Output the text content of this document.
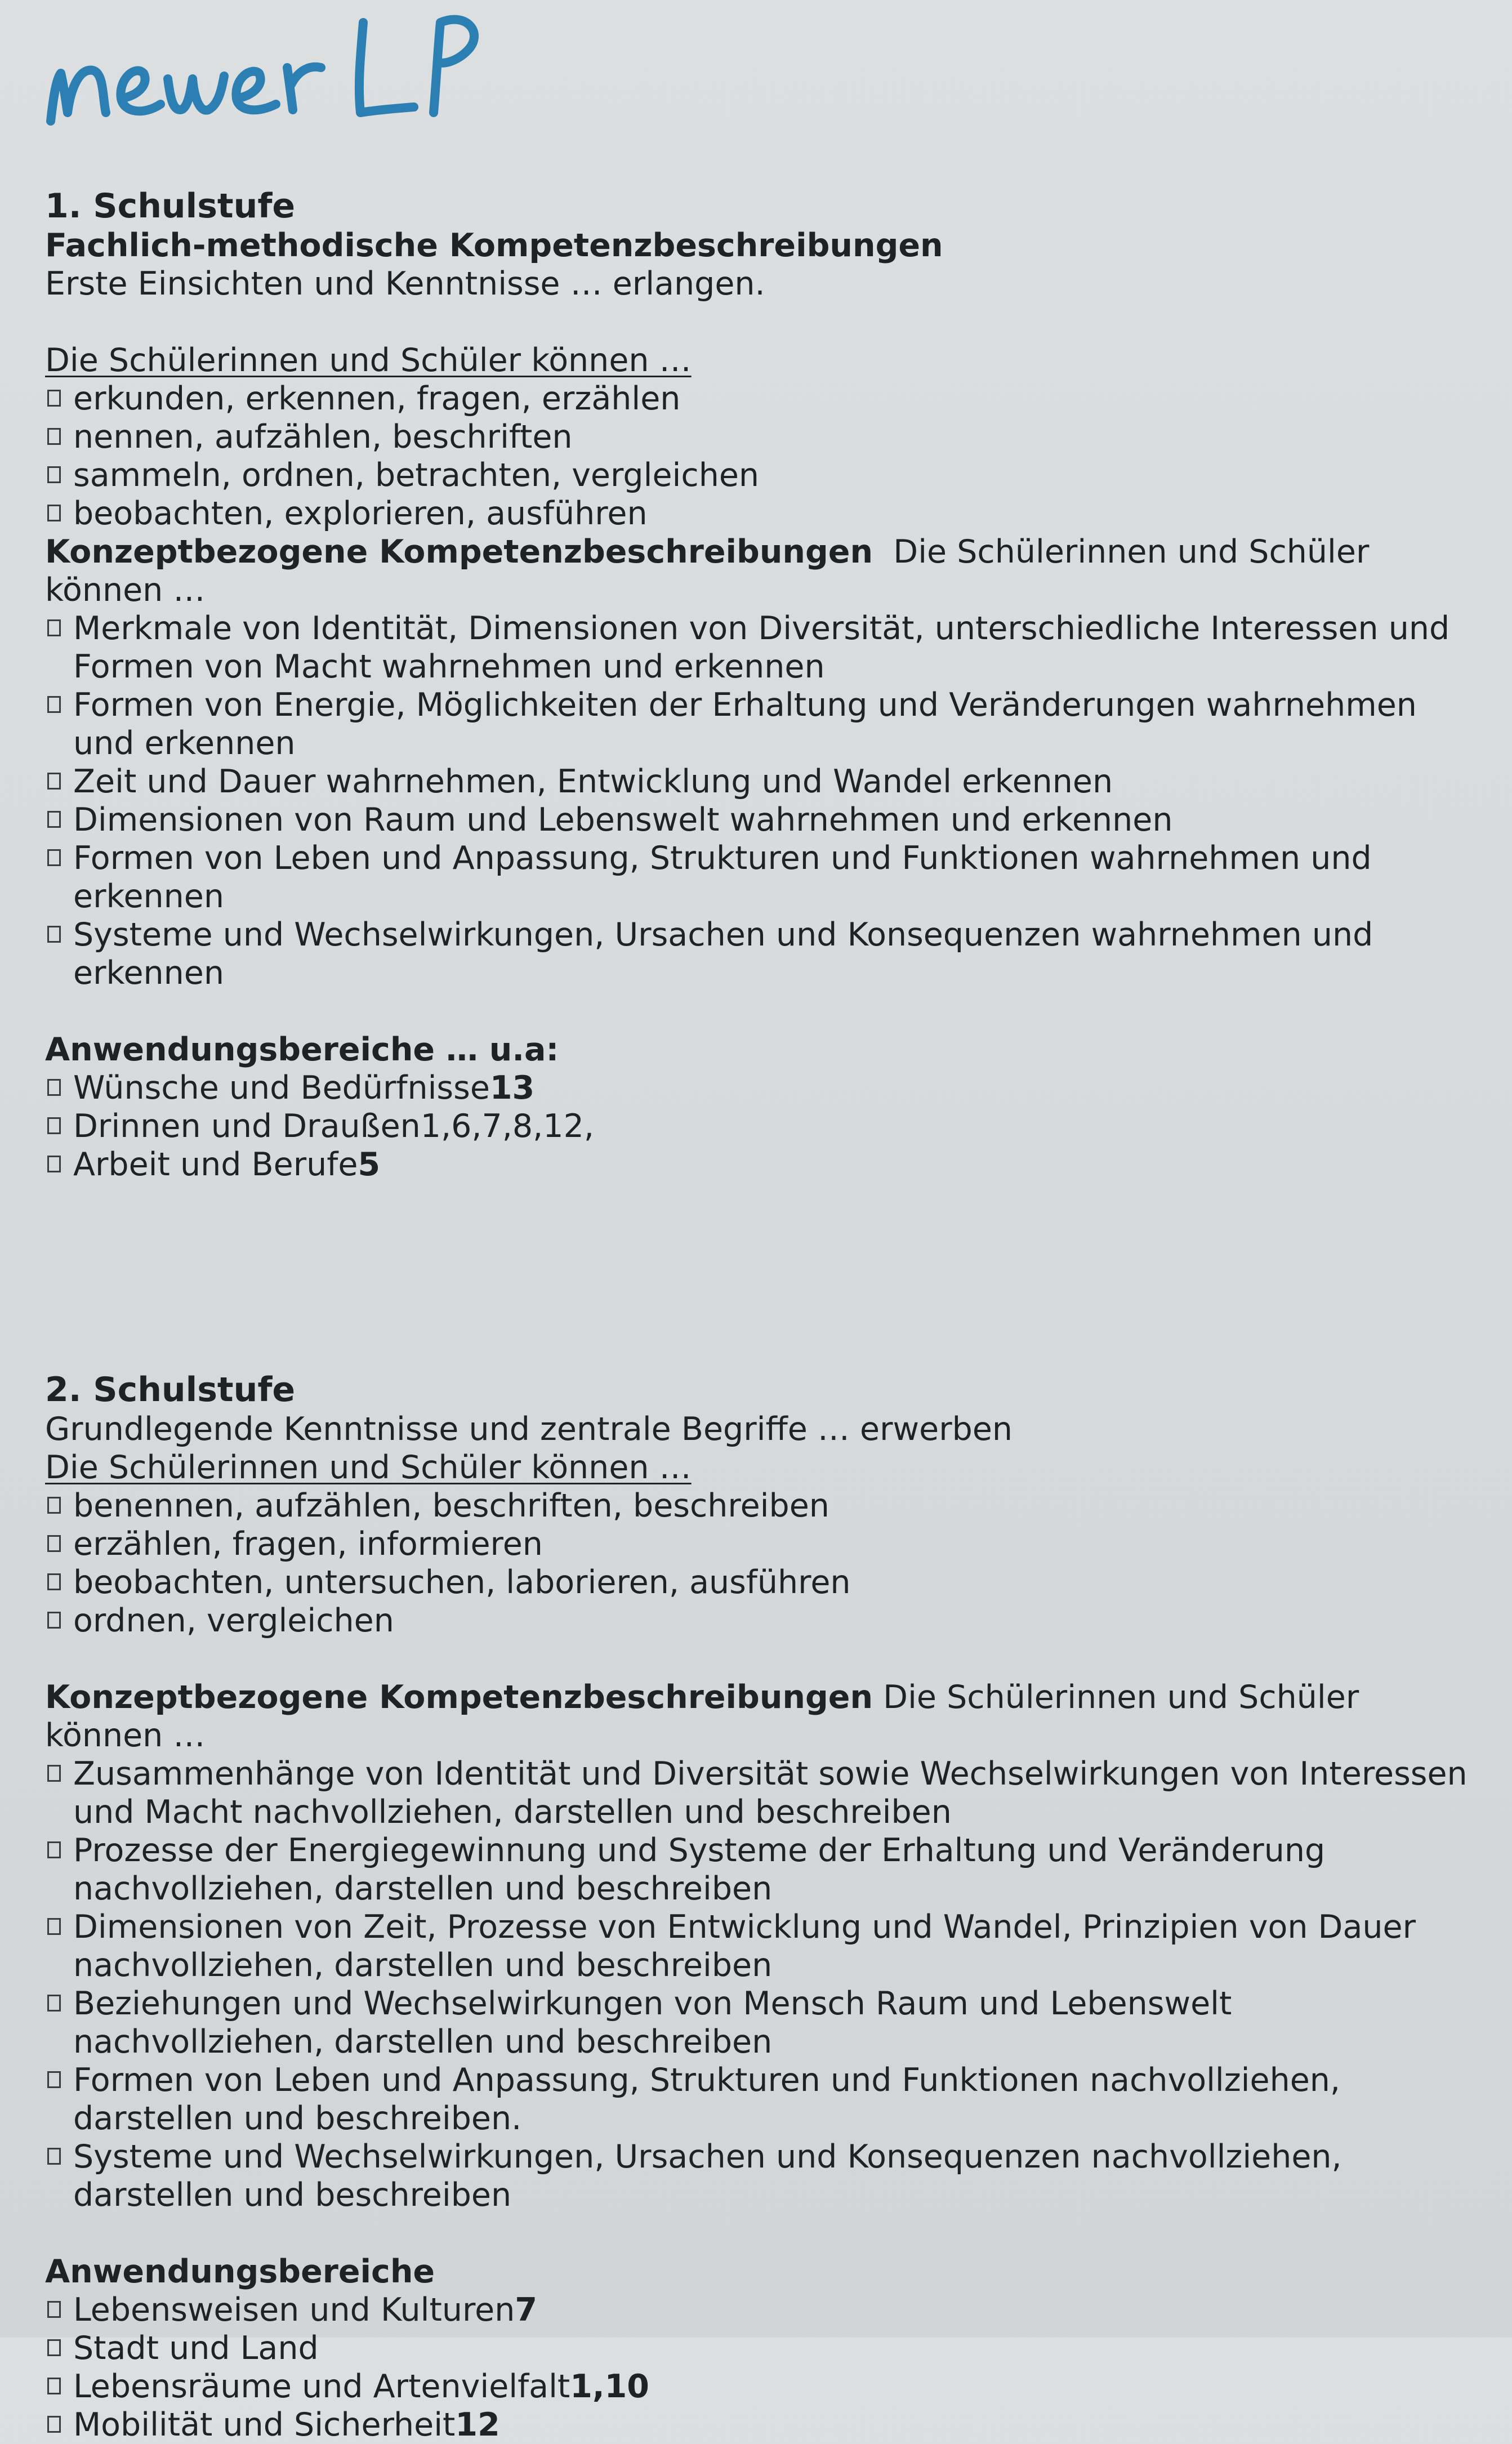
1. Schulstufe

Fachlich-methodische Kompetenzbeschreibungen

Erste Einsichten und Kenntnisse … erlangen.

Die Schülerinnen und Schüler können …

erkunden, erkennen, fragen, erzählen

nennen, aufzählen, beschriften

sammeln, ordnen, betrachten, vergleichen

beobachten, explorieren, ausführen

Konzeptbezogene Kompetenzbeschreibungen Die Schülerinnen und Schüler können …

Merkmale von Identität, Dimensionen von Diversität, unterschiedliche Interessen und Formen von Macht wahrnehmen und erkennen

Formen von Energie, Möglichkeiten der Erhaltung und Veränderungen wahrnehmen und erkennen

Zeit und Dauer wahrnehmen, Entwicklung und Wandel erkennen

Dimensionen von Raum und Lebenswelt wahrnehmen und erkennen

Formen von Leben und Anpassung, Strukturen und Funktionen wahrnehmen und erkennen

Systeme und Wechselwirkungen, Ursachen und Konsequenzen wahrnehmen und erkennen

Anwendungsbereiche … u.a:

Wünsche und Bedürfnisse13

Drinnen und Draußen1,6,7,8,12,

Arbeit und Berufe5

2. Schulstufe

Grundlegende Kenntnisse und zentrale Begriffe … erwerben

Die Schülerinnen und Schüler können …

benennen, aufzählen, beschriften, beschreiben

erzählen, fragen, informieren

beobachten, untersuchen, laborieren, ausführen

ordnen, vergleichen

Konzeptbezogene Kompetenzbeschreibungen Die Schülerinnen und Schüler können …

Zusammenhänge von Identität und Diversität sowie Wechselwirkungen von Interessen und Macht nachvollziehen, darstellen und beschreiben

Prozesse der Energiegewinnung und Systeme der Erhaltung und Veränderung nachvollziehen, darstellen und beschreiben

Dimensionen von Zeit, Prozesse von Entwicklung und Wandel, Prinzipien von Dauer nachvollziehen, darstellen und beschreiben

Beziehungen und Wechselwirkungen von Mensch Raum und Lebenswelt nachvollziehen, darstellen und beschreiben

Formen von Leben und Anpassung, Strukturen und Funktionen nachvollziehen, darstellen und beschreiben.

Systeme und Wechselwirkungen, Ursachen und Konsequenzen nachvollziehen, darstellen und beschreiben

Anwendungsbereiche

Lebensweisen und Kulturen7

Stadt und Land

Lebensräume und Artenvielfalt1,10

Mobilität und Sicherheit12
